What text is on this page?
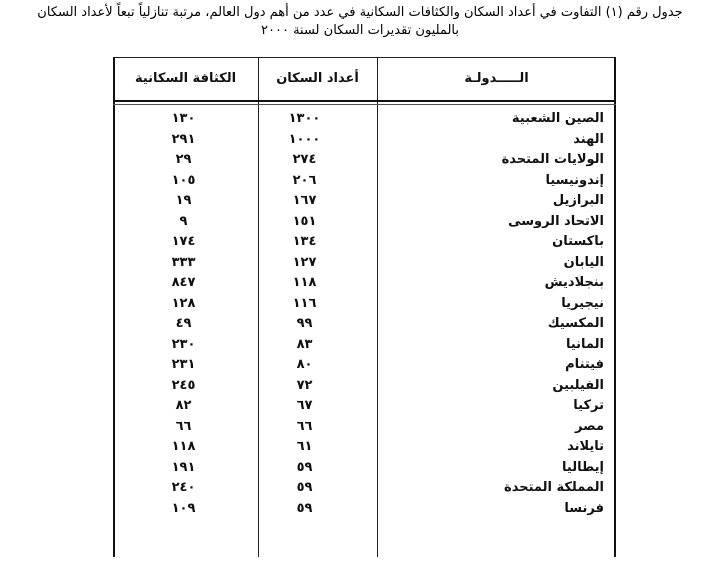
جدول رقم (١) التفاوت في أعداد السكان والكثافات السكانية في عدد من أهم دول العالم، مرتبة تنازلياً تبعاً لأعداد السكان
بالمليون تقديرات السكان لسنة ٢٠٠٠
الـــــدولـة
أعداد السكان
الكثافة السكانية
الصين الشعبية
١٣٠٠
١٣٠
الهند
١٠٠٠
٢٩١
الولايات المتحدة
٢٧٤
٢٩
إندونيسيا
٢٠٦
١٠٥
البرازيل
١٦٧
١٩
الاتحاد الروسى
١٥١
٩
باكستان
١٣٤
١٧٤
اليابان
١٢٧
٣٣٣
بنجلاديش
١١٨
٨٤٧
نيجيريا
١١٦
١٢٨
المكسيك
٩٩
٤٩
المانيا
٨٣
٢٣٠
فيتنام
٨٠
٢٣١
الفيلبين
٧٢
٢٤٥
تركيا
٦٧
٨٢
مصر
٦٦
٦٦
تايلاند
٦١
١١٨
إيطاليا
٥٩
١٩١
المملكة المتحدة
٥٩
٢٤٠
فرنسا
٥٩
١٠٩
